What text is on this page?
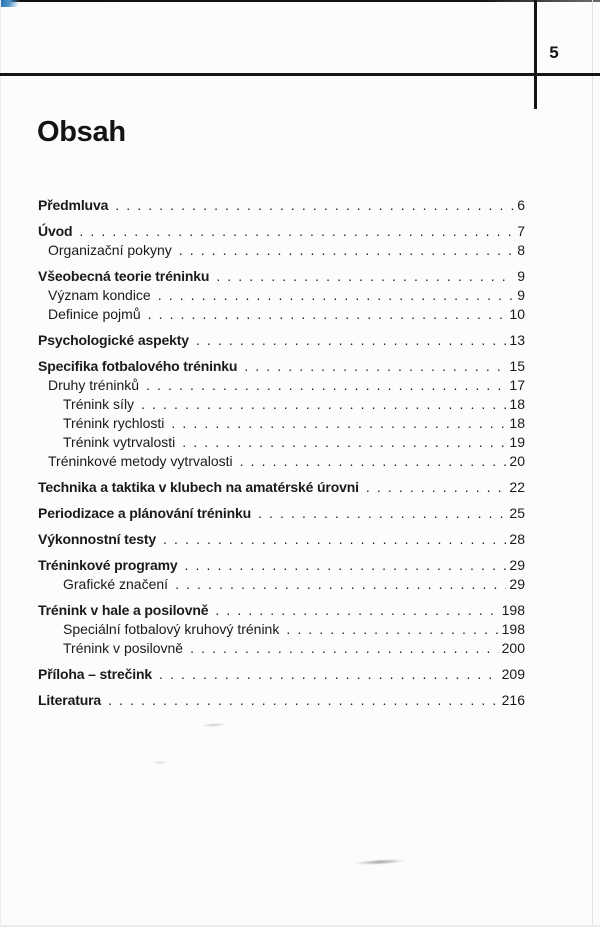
5
Obsah
Předmluva . . .	6
Úvod . . .	7
Organizační pokyny . . .	8
Všeobecná teorie tréninku . . .	9
Význam kondice . . .	9
Definice pojmů . . .	10
Psychologické aspekty . . .	13
Specifika fotbalového tréninku . . .	15
Druhy tréninků . . .	17
Trénink síly . . .	18
Trénink rychlosti . . .	18
Trénink vytrvalosti . . .	19
Tréninkové metody vytrvalosti . . .	20
Technika a taktika v klubech na amatérské úrovni . . .	22
Periodizace a plánování tréninku . . .	25
Výkonnostní testy . . .	28
Tréninkové programy . . .	29
Grafické značení . . .	29
Trénink v hale a posilovně . . .	198
Speciální fotbalový kruhový trénink . . .	198
Trénink v posilovně . . .	200
Příloha – strečink . . .	209
Literatura . . .	216
